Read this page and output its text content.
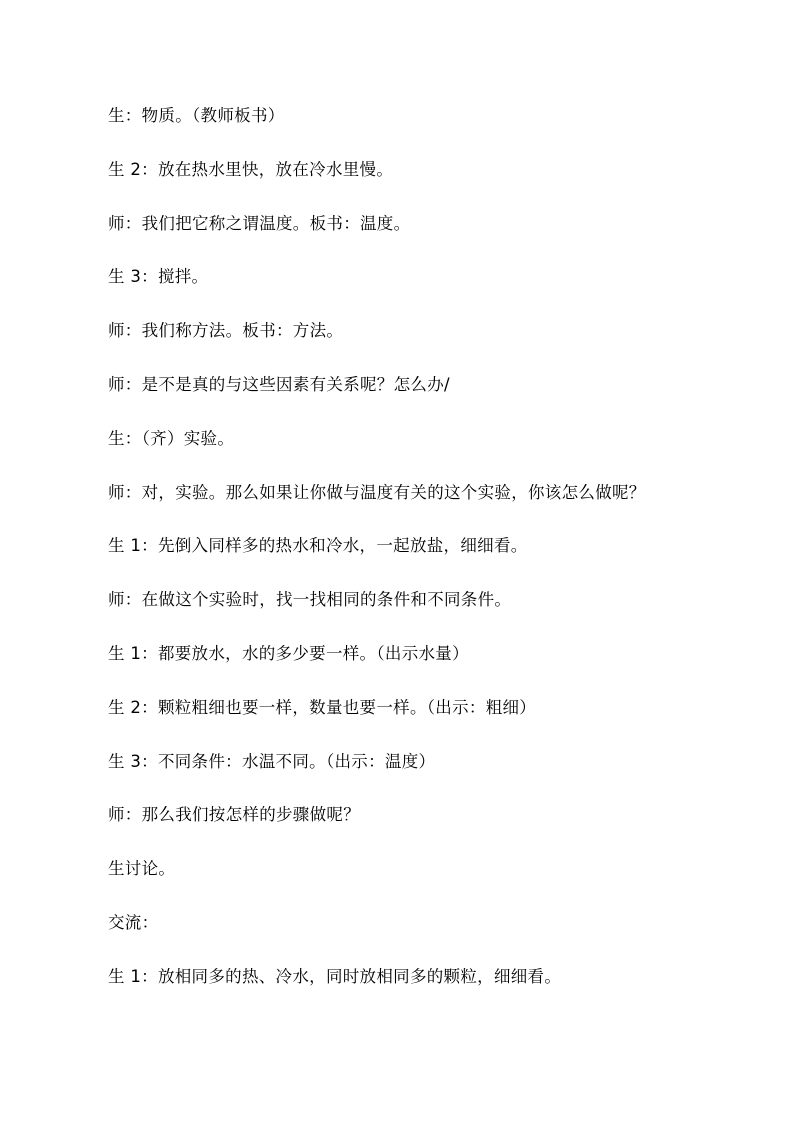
生：物质。（教师板书）
生 2：放在热水里快，放在冷水里慢。
师：我们把它称之谓温度。板书：温度。
生 3：搅拌。
师：我们称方法。板书：方法。
师：是不是真的与这些因素有关系呢？怎么办/
生：（齐）实验。
师：对，实验。那么如果让你做与温度有关的这个实验，你该怎么做呢？
生 1：先倒入同样多的热水和冷水，一起放盐，细细看。
师：在做这个实验时，找一找相同的条件和不同条件。
生 1：都要放水，水的多少要一样。（出示水量）
生 2：颗粒粗细也要一样，数量也要一样。（出示：粗细）
生 3：不同条件：水温不同。（出示：温度）
师：那么我们按怎样的步骤做呢？
生讨论。
交流：
生 1：放相同多的热、冷水，同时放相同多的颗粒，细细看。
